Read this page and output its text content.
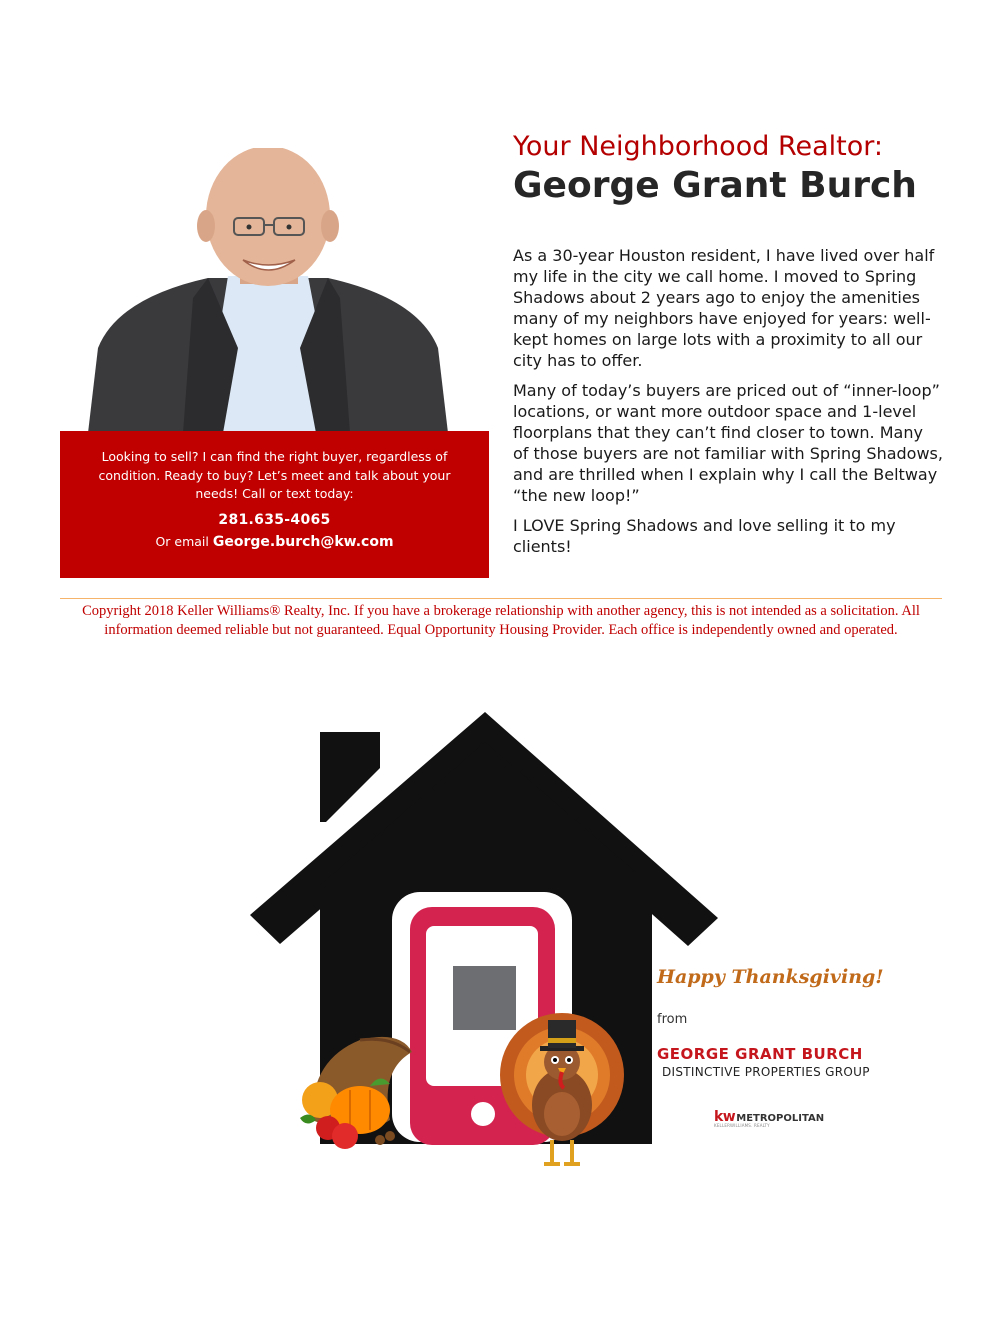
Looking to sell? I can find the right buyer, regardless of condition. Ready to buy? Let’s meet and talk about your needs! Call or text today:

281.635-4065
Or email George.burch@kw.com
Your Neighborhood Realtor:
George Grant Burch

As a 30-year Houston resident, I have lived over half my life in the city we call home. I moved to Spring Shadows about 2 years ago to enjoy the amenities many of my neighbors have enjoyed for years: well-kept homes on large lots with a proximity to all our city has to offer.

Many of today’s buyers are priced out of “inner-loop” locations, or want more outdoor space and 1-level floorplans that they can’t find closer to town. Many of those buyers are not familiar with Spring Shadows, and are thrilled when I explain why I call the Beltway “the new loop!”

I LOVE Spring Shadows and love selling it to my clients!

Copyright 2018 Keller Williams® Realty, Inc. If you have a brokerage relationship with another agency, this is not intended as a solicitation. All information deemed reliable but not guaranteed. Equal Opportunity Housing Provider. Each office is independently owned and operated.
Happy Thanksgiving!
from
GEORGE GRANT BURCH
DISTINCTIVE PROPERTIES GROUP
kwMETROPOLITAN
KELLERWILLIAMS. REALTY
